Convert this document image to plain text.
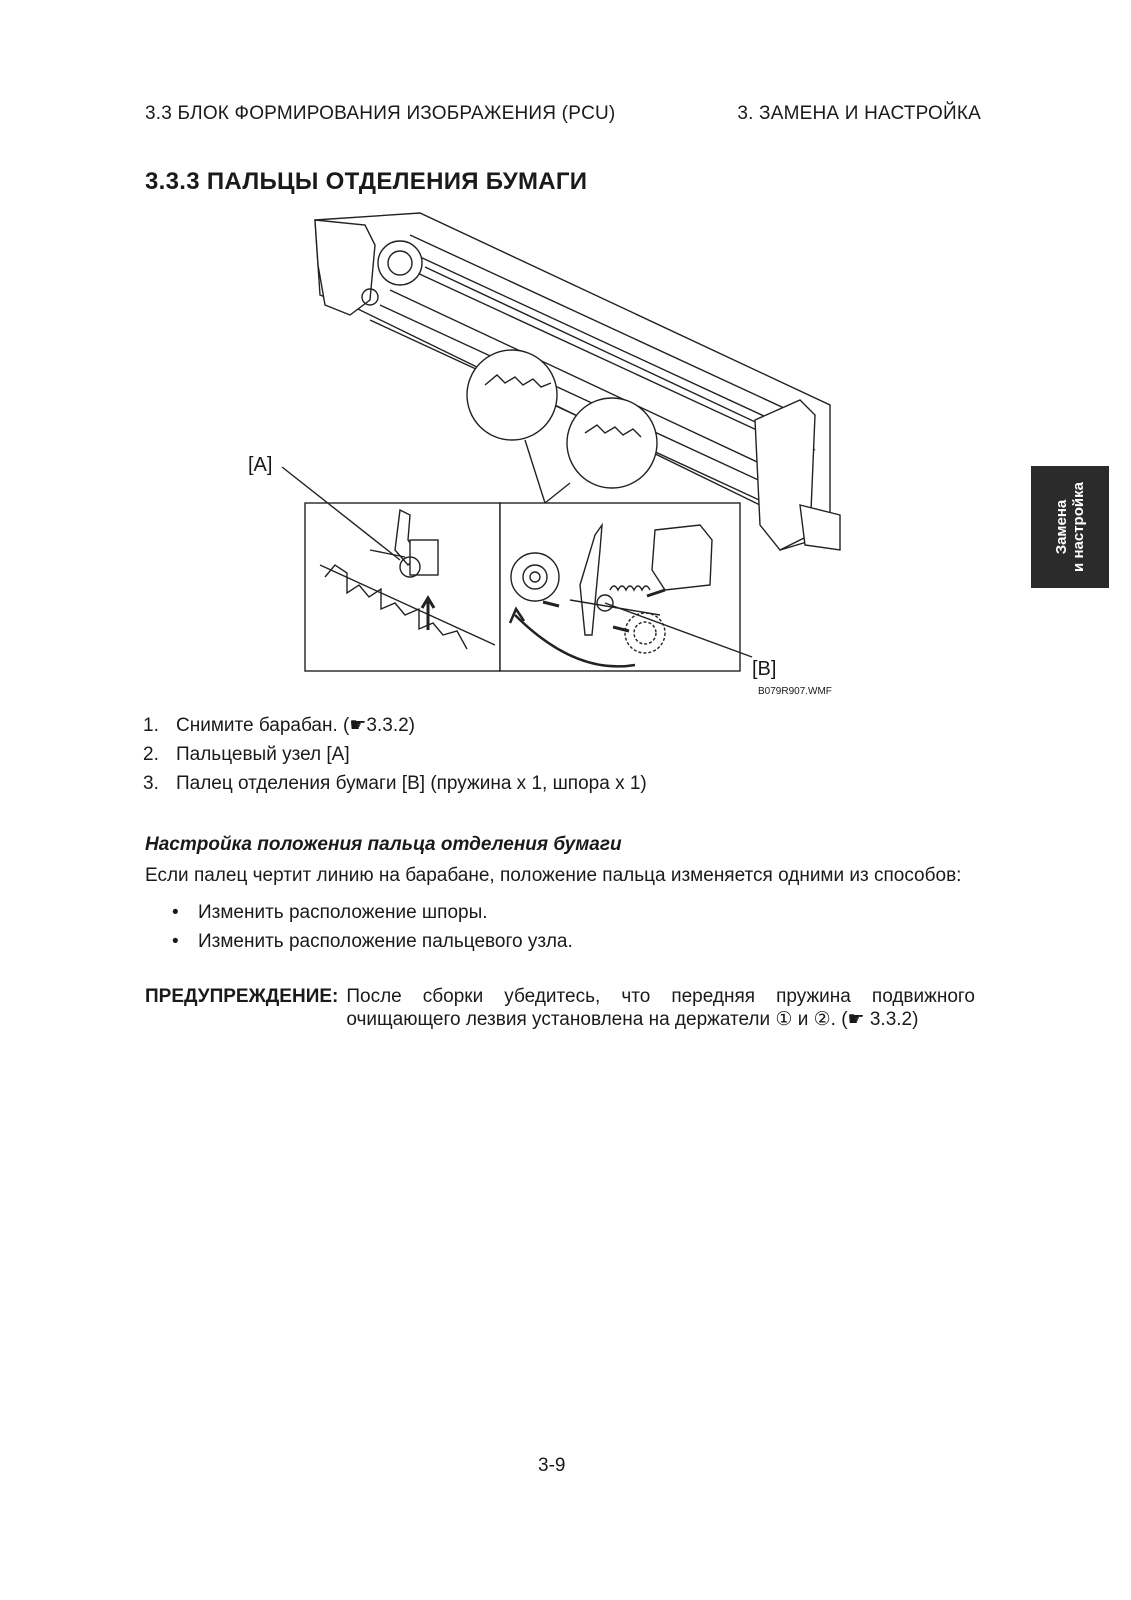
3.3 БЛОК ФОРМИРОВАНИЯ ИЗОБРАЖЕНИЯ (PCU)	3. ЗАМЕНА И НАСТРОЙКА
3.3.3 ПАЛЬЦЫ ОТДЕЛЕНИЯ БУМАГИ
[A]
[B]
B079R907.WMF
1. Снимите барабан. (☛3.3.2)
2. Пальцевый узел [A]
3. Палец отделения бумаги [B] (пружина x 1, шпора x 1)
Настройка положения пальца отделения бумаги
Если палец чертит линию на барабане, положение пальца изменяется одними из способов:
•	Изменить расположение шпоры.
•	Изменить расположение пальцевого узла.
ПРЕДУПРЕЖДЕНИЕ: После сборки убедитесь, что передняя пружина подвижного очищающего лезвия установлена на держатели ① и ②. (☛ 3.3.2)
Замена и настройка
3-9
